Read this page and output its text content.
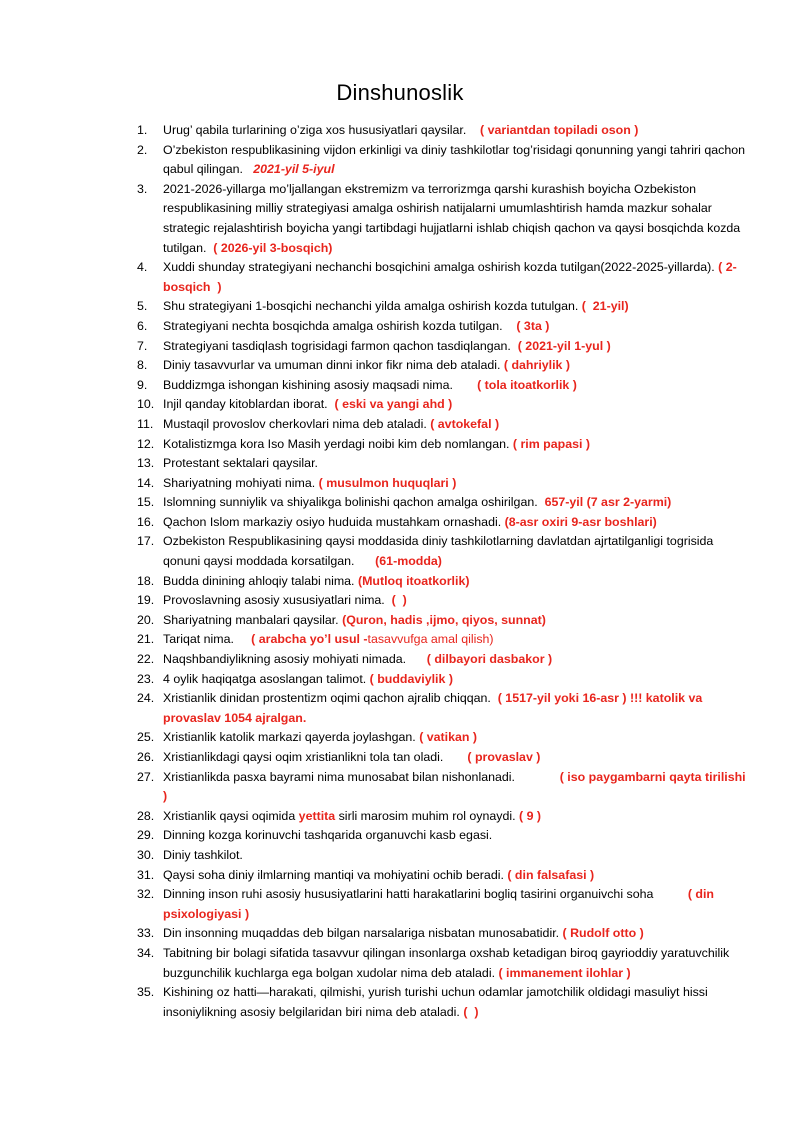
Dinshunoslik
1.	Urug’ qabila turlarining o’ziga xos hususiyatlari qaysilar.    ( variantdan topiladi oson )
2.	O’zbekiston respublikasining vijdon erkinligi va diniy tashkilotlar tog’risidagi qonunning yangi tahriri qachon qabul qilingan.   2021-yil 5-iyul
3.	2021-2026-yillarga mo’ljallangan ekstremizm va terrorizmga qarshi kurashish boyicha Ozbekiston respublikasining milliy strategiyasi amalga oshirish natijalarni umumlashtirish hamda mazkur sohalar strategic rejalashtirish boyicha yangi tartibdagi hujjatlarni ishlab chiqish qachon va qaysi bosqichda kozda tutilgan.  ( 2026-yil 3-bosqich)
4.	Xuddi shunday strategiyani nechanchi bosqichini amalga oshirish kozda tutilgan(2022-2025-yillarda). ( 2-bosqich  )
5.	Shu strategiyani 1-bosqichi nechanchi yilda amalga oshirish kozda tutulgan. (  21-yil)
6.	Strategiyani nechta bosqichda amalga oshirish kozda tutilgan.    ( 3ta )
7.	Strategiyani tasdiqlash togrisidagi farmon qachon tasdiqlangan.  ( 2021-yil 1-yul )
8.	Diniy tasavvurlar va umuman dinni inkor fikr nima deb ataladi. ( dahriylik )
9.	Buddizmga ishongan kishining asosiy maqsadi nima.       ( tola itoatkorlik )
10. Injil qanday kitoblardan iborat.  ( eski va yangi ahd )
11. Mustaqil provoslov cherkovlari nima deb ataladi. ( avtokefal )
12. Kotalistizmga kora Iso Masih yerdagi noibi kim deb nomlangan. ( rim papasi )
13. Protestant sektalari qaysilar.
14. Shariyatning mohiyati nima. ( musulmon huquqlari )
15. Islomning sunniylik va shiyalikga bolinishi qachon amalga oshirilgan.  657-yil (7 asr 2-yarmi)
16. Qachon Islom markaziy osiyo huduida mustahkam ornashadi. (8-asr oxiri 9-asr boshlari)
17. Ozbekiston Respublikasining qaysi moddasida diniy tashkilotlarning davlatdan ajrtatilganligi togrisida qonuni qaysi moddada korsatilgan.      (61-modda)
18. Budda dinining ahloqiy talabi nima. (Mutloq itoatkorlik)
19. Provoslavning asosiy xususiyatlari nima.  (  )
20. Shariyatning manbalari qaysilar. (Quron, hadis ,ijmo, qiyos, sunnat)
21. Tariqat nima.     ( arabcha yo’l usul -tasavvufga amal qilish)
22. Naqshbandiylikning asosiy mohiyati nimada.      ( dilbayori dasbakor )
23. 4 oylik haqiqatga asoslangan talimot. ( buddaviylik )
24. Xristianlik dinidan prostentizm oqimi qachon ajralib chiqqan.  ( 1517-yil yoki 16-asr ) !!! katolik va provaslav 1054 ajralgan.
25. Xristianlik katolik markazi qayerda joylashgan. ( vatikan )
26. Xristianlikdagi qaysi oqim xristianlikni tola tan oladi.       ( provaslav )
27. Xristianlikda pasxa bayrami nima munosabat bilan nishonlanadi.             ( iso paygambarni qayta tirilishi  )
28. Xristianlik qaysi oqimida yettita sirli marosim muhim rol oynaydi. ( 9 )
29. Dinning kozga korinuvchi tashqarida organuvchi kasb egasi.
30. Diniy tashkilot.
31. Qaysi soha diniy ilmlarning mantiqi va mohiyatini ochib beradi. ( din falsafasi )
32. Dinning inson ruhi asosiy hususiyatlarini hatti harakatlarini bogliq tasirini organuivchi soha          ( din psixologiyasi )
33. Din insonning muqaddas deb bilgan narsalariga nisbatan munosabatidir. ( Rudolf otto )
34. Tabitning bir bolagi sifatida tasavvur qilingan insonlarga oxshab ketadigan biroq gayrioddiy yaratuvchilik buzgunchilik kuchlarga ega bolgan xudolar nima deb ataladi. ( immanement ilohlar )
35. Kishining oz hatti—harakati, qilmishi, yurish turishi uchun odamlar jamotchilik oldidagi masuliyt hissi insoniylikning asosiy belgilaridan biri nima deb ataladi. (  )
